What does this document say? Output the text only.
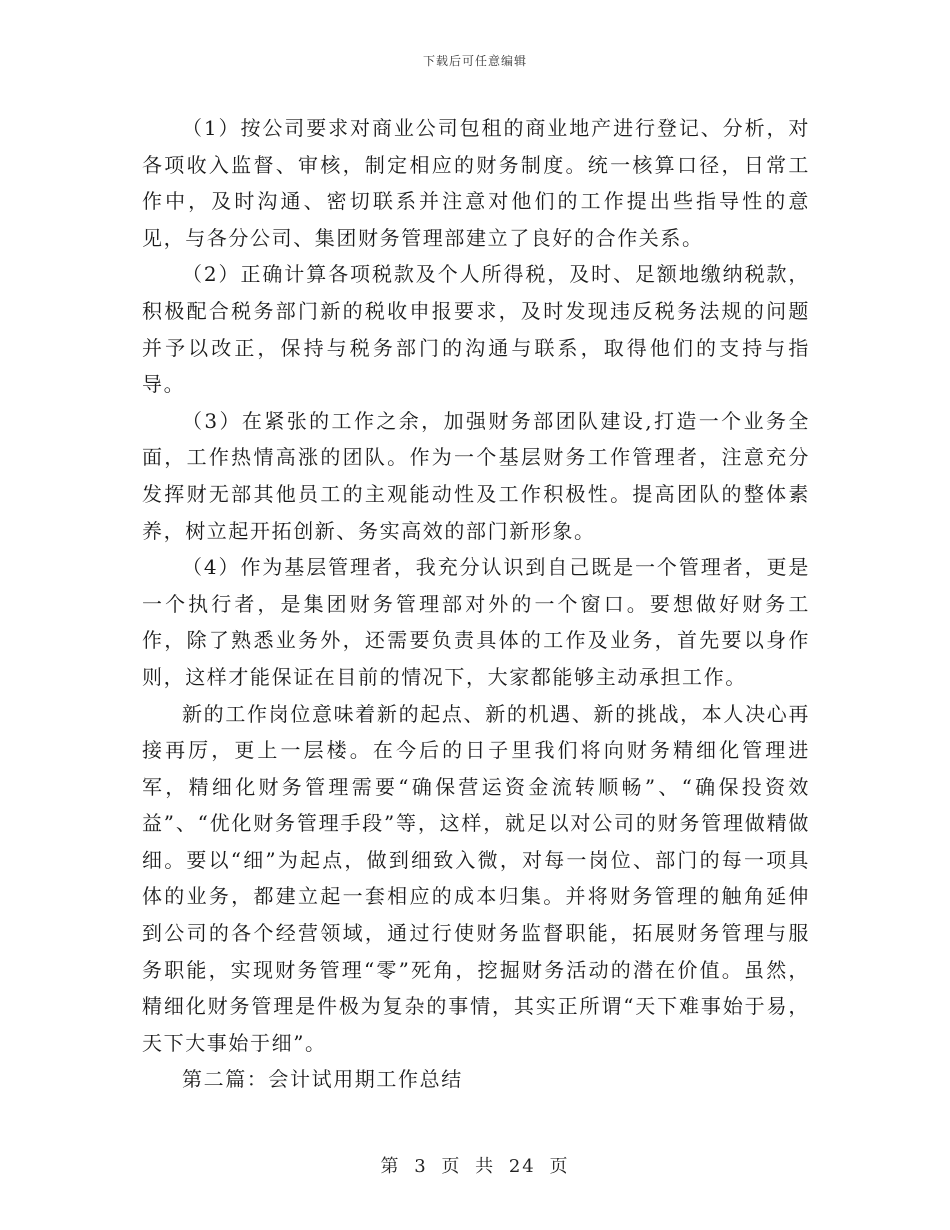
下载后可任意编辑

（1）按公司要求对商业公司包租的商业地产进行登记、分析，对各项收入监督、审核，制定相应的财务制度。统一核算口径，日常工作中，及时沟通、密切联系并注意对他们的工作提出些指导性的意见，与各分公司、集团财务管理部建立了良好的合作关系。

（2）正确计算各项税款及个人所得税，及时、足额地缴纳税款，积极配合税务部门新的税收申报要求，及时发现违反税务法规的问题并予以改正，保持与税务部门的沟通与联系，取得他们的支持与指导。

（3）在紧张的工作之余，加强财务部团队建设,打造一个业务全面，工作热情高涨的团队。作为一个基层财务工作管理者，注意充分发挥财无部其他员工的主观能动性及工作积极性。提高团队的整体素养，树立起开拓创新、务实高效的部门新形象。

（4）作为基层管理者，我充分认识到自己既是一个管理者，更是一个执行者，是集团财务管理部对外的一个窗口。要想做好财务工作，除了熟悉业务外，还需要负责具体的工作及业务，首先要以身作则，这样才能保证在目前的情况下，大家都能够主动承担工作。

新的工作岗位意味着新的起点、新的机遇、新的挑战，本人决心再接再厉，更上一层楼。在今后的日子里我们将向财务精细化管理进军，精细化财务管理需要“确保营运资金流转顺畅”、“确保投资效益”、“优化财务管理手段”等，这样，就足以对公司的财务管理做精做细。要以“细”为起点，做到细致入微，对每一岗位、部门的每一项具体的业务，都建立起一套相应的成本归集。并将财务管理的触角延伸到公司的各个经营领域，通过行使财务监督职能，拓展财务管理与服务职能，实现财务管理“零”死角，挖掘财务活动的潜在价值。虽然，精细化财务管理是件极为复杂的事情，其实正所谓“天下难事始于易，天下大事始于细”。

第二篇：会计试用期工作总结

第 3 页 共 24 页
